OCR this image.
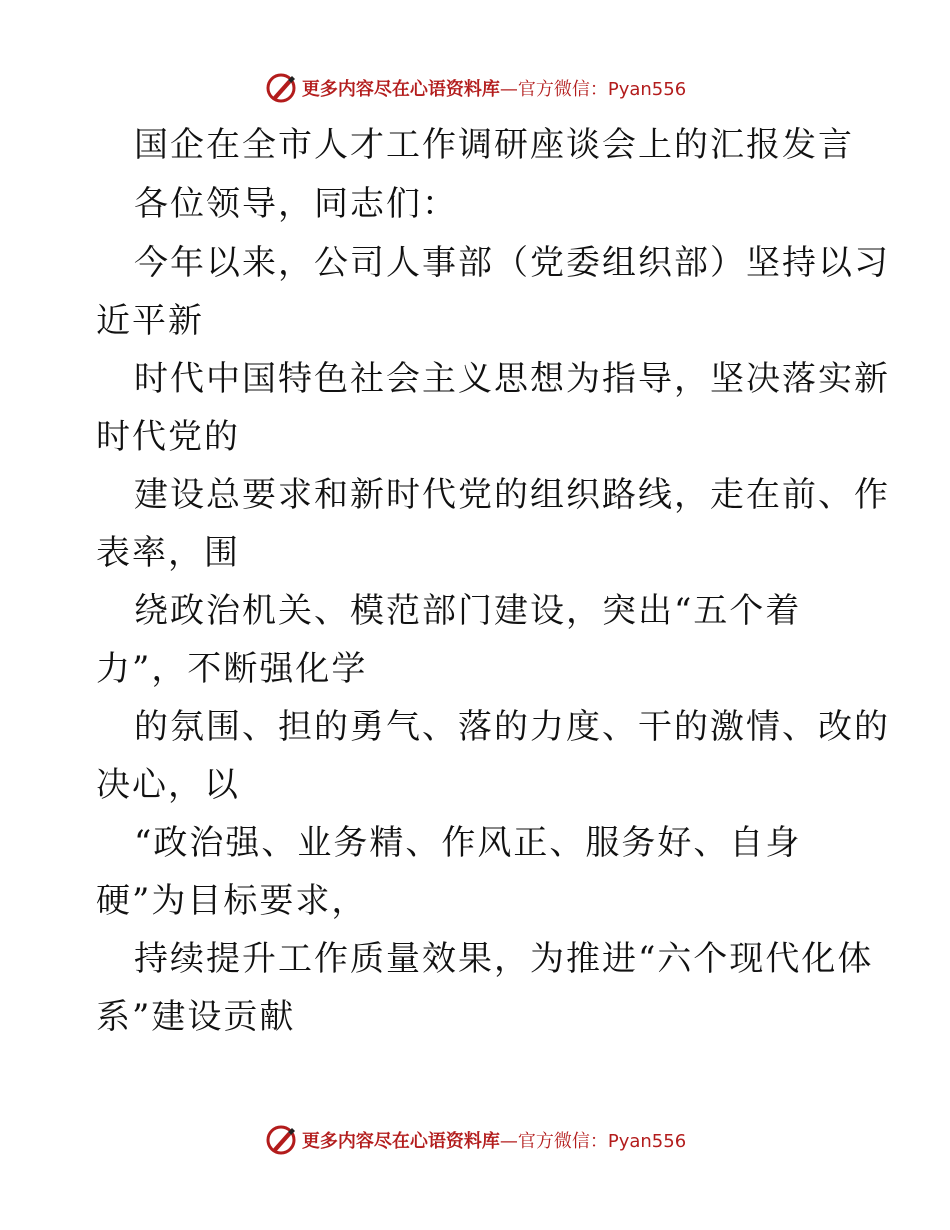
更多内容尽在心语资料库 —官方微信：Pyan556
国企在全市人才工作调研座谈会上的汇报发言
各位领导，同志们：
今年以来，公司人事部（党委组织部）坚持以习
近平新
时代中国特色社会主义思想为指导，坚决落实新
时代党的
建设总要求和新时代党的组织路线，走在前、作
表率，围
绕政治机关、模范部门建设，突出“五个着
力”，不断强化学
的氛围、担的勇气、落的力度、干的激情、改的
决心，以
“政治强、业务精、作风正、服务好、自身
硬”为目标要求，
持续提升工作质量效果，为推进“六个现代化体
系”建设贡献
更多内容尽在心语资料库 —官方微信：Pyan556
